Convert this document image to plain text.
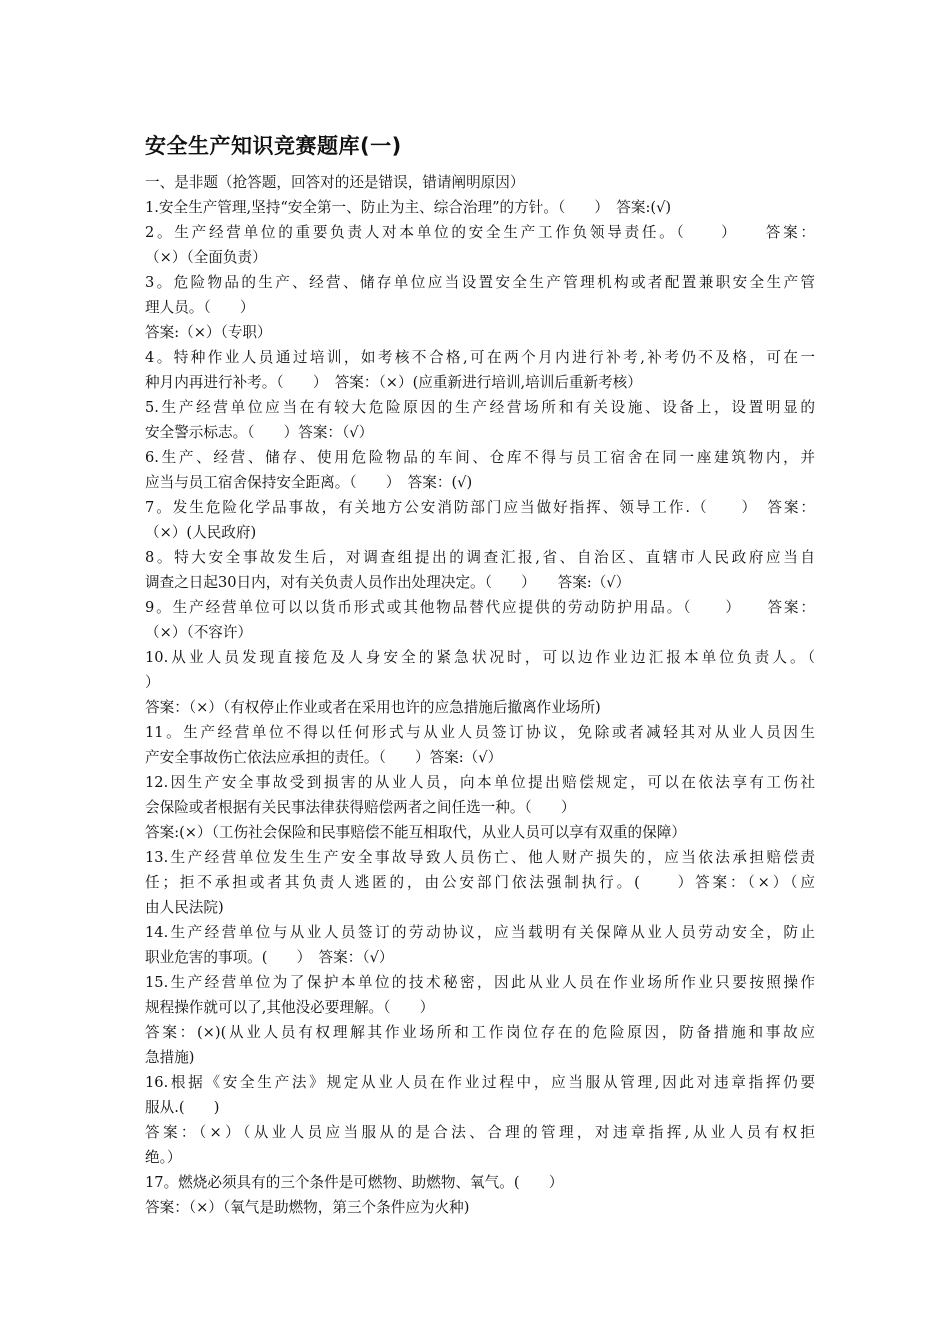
安全生产知识竞赛题库(一)
一、是非题（抢答题，回答对的还是错误，错请阐明原因）
1.安全生产管理,坚持“安全第一、防止为主、综合治理”的方针。（　　）　答案:(√)
2。生产经营单位的重要负责人对本单位的安全生产工作负领导责任。（　　）　　答案：
（×）（全面负责）
3。危险物品的生产、经营、储存单位应当设置安全生产管理机构或者配置兼职安全生产管
理人员。（　　）
答案:（×）（专职）
4。特种作业人员通过培训，如考核不合格,可在两个月内进行补考,补考仍不及格，可在一
种月内再进行补考。（　　）　答案：（×）(应重新进行培训,培训后重新考核）
5.生产经营单位应当在有较大危险原因的生产经营场所和有关设施、设备上，设置明显的
安全警示标志。（　　）答案：（√）
6.生产、经营、储存、使用危险物品的车间、仓库不得与员工宿舍在同一座建筑物内，并
应当与员工宿舍保持安全距离。（　　）　答案：(√)
7。发生危险化学品事故，有关地方公安消防部门应当做好指挥、领导工作.（　　）　答案：
（×）(人民政府)
8。特大安全事故发生后，对调查组提出的调查汇报,省、自治区、直辖市人民政府应当自
调查之日起30日内，对有关负责人员作出处理决定。（　　）　　答案:（√）
9。生产经营单位可以以货币形式或其他物品替代应提供的劳动防护用品。（　　）　　答案：
（×）（不容许）
10.从业人员发现直接危及人身安全的紧急状况时，可以边作业边汇报本单位负责人。（
）
答案：（×）（有权停止作业或者在采用也许的应急措施后撤离作业场所)
11。生产经营单位不得以任何形式与从业人员签订协议，免除或者减轻其对从业人员因生
产安全事故伤亡依法应承担的责任。（　　）答案:（√）
12.因生产安全事故受到损害的从业人员，向本单位提出赔偿规定，可以在依法享有工伤社
会保险或者根据有关民事法律获得赔偿两者之间任选一种。（　　）
答案:(×）（工伤社会保险和民事赔偿不能互相取代，从业人员可以享有双重的保障）
13.生产经营单位发生生产安全事故导致人员伤亡、他人财产损失的，应当依法承担赔偿责
任；拒不承担或者其负责人逃匿的，由公安部门依法强制执行。(　　）答案：（×）（应
由人民法院)
14.生产经营单位与从业人员签订的劳动协议，应当载明有关保障从业人员劳动安全，防止
职业危害的事项。(　　）　答案：（√）
15.生产经营单位为了保护本单位的技术秘密，因此从业人员在作业场所作业只要按照操作
规程操作就可以了,其他没必要理解。（　　）
答案：(×)(从业人员有权理解其作业场所和工作岗位存在的危险原因，防备措施和事故应
急措施)
16.根据《安全生产法》规定从业人员在作业过程中，应当服从管理,因此对违章指挥仍要
服从.(　　)
答案：（×）（从业人员应当服从的是合法、合理的管理，对违章指挥,从业人员有权拒
绝。）
17。燃烧必须具有的三个条件是可燃物、助燃物、氧气。(　　）
答案：（×）（氧气是助燃物，第三个条件应为火种)
